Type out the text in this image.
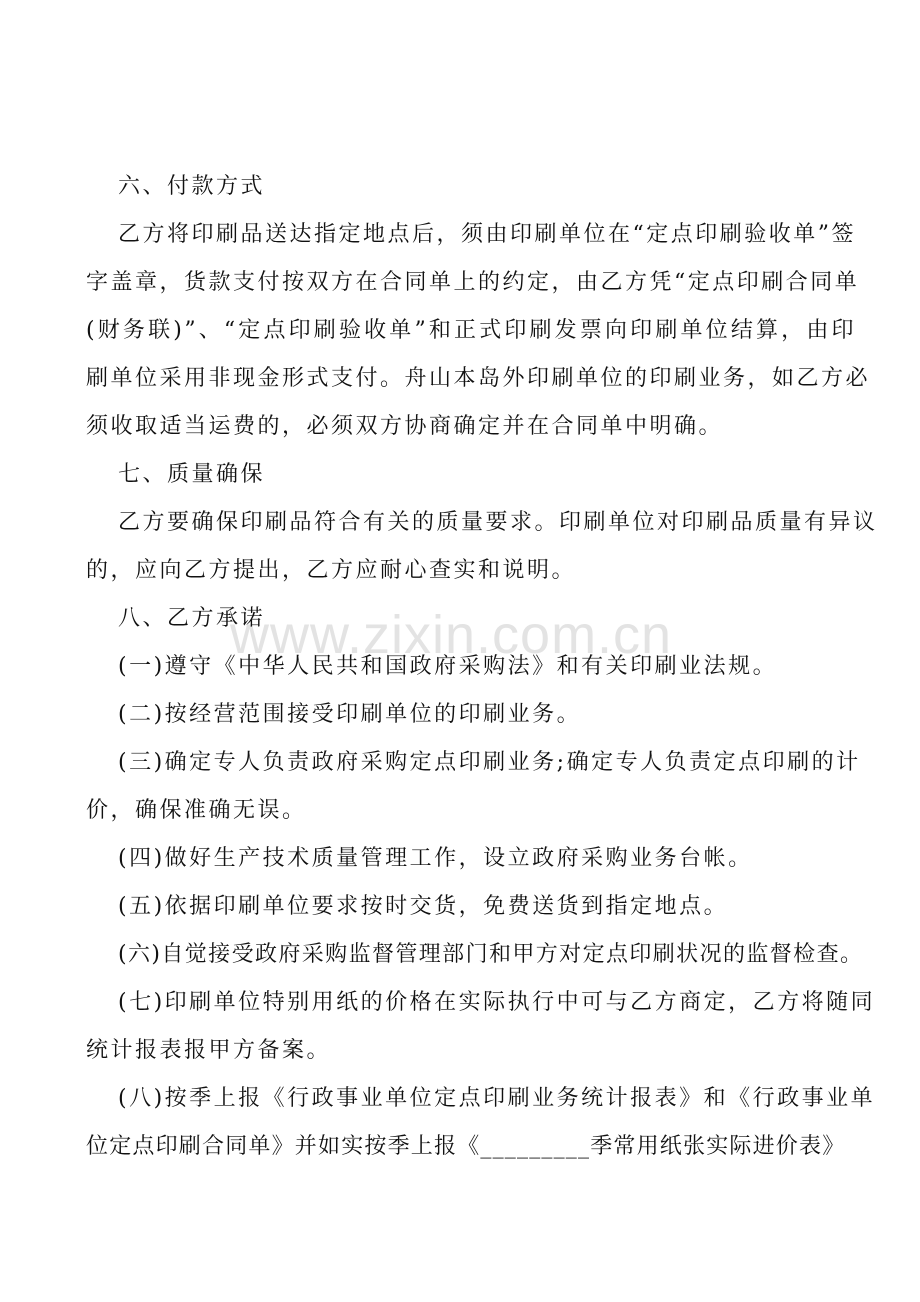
www.zixin.com.cn
六、付款方式
乙方将印刷品送达指定地点后，须由印刷单位在“定点印刷验收单”签
字盖章，货款支付按双方在合同单上的约定，由乙方凭“定点印刷合同单
(财务联)”、“定点印刷验收单”和正式印刷发票向印刷单位结算，由印
刷单位采用非现金形式支付。舟山本岛外印刷单位的印刷业务，如乙方必
须收取适当运费的，必须双方协商确定并在合同单中明确。
七、质量确保
乙方要确保印刷品符合有关的质量要求。印刷单位对印刷品质量有异议
的，应向乙方提出，乙方应耐心查实和说明。
八、乙方承诺
(一)遵守《中华人民共和国政府采购法》和有关印刷业法规。
(二)按经营范围接受印刷单位的印刷业务。
(三)确定专人负责政府采购定点印刷业务;确定专人负责定点印刷的计
价，确保准确无误。
(四)做好生产技术质量管理工作，设立政府采购业务台帐。
(五)依据印刷单位要求按时交货，免费送货到指定地点。
(六)自觉接受政府采购监督管理部门和甲方对定点印刷状况的监督检查。
(七)印刷单位特别用纸的价格在实际执行中可与乙方商定，乙方将随同
统计报表报甲方备案。
(八)按季上报《行政事业单位定点印刷业务统计报表》和《行政事业单
位定点印刷合同单》并如实按季上报《_________季常用纸张实际进价表》
